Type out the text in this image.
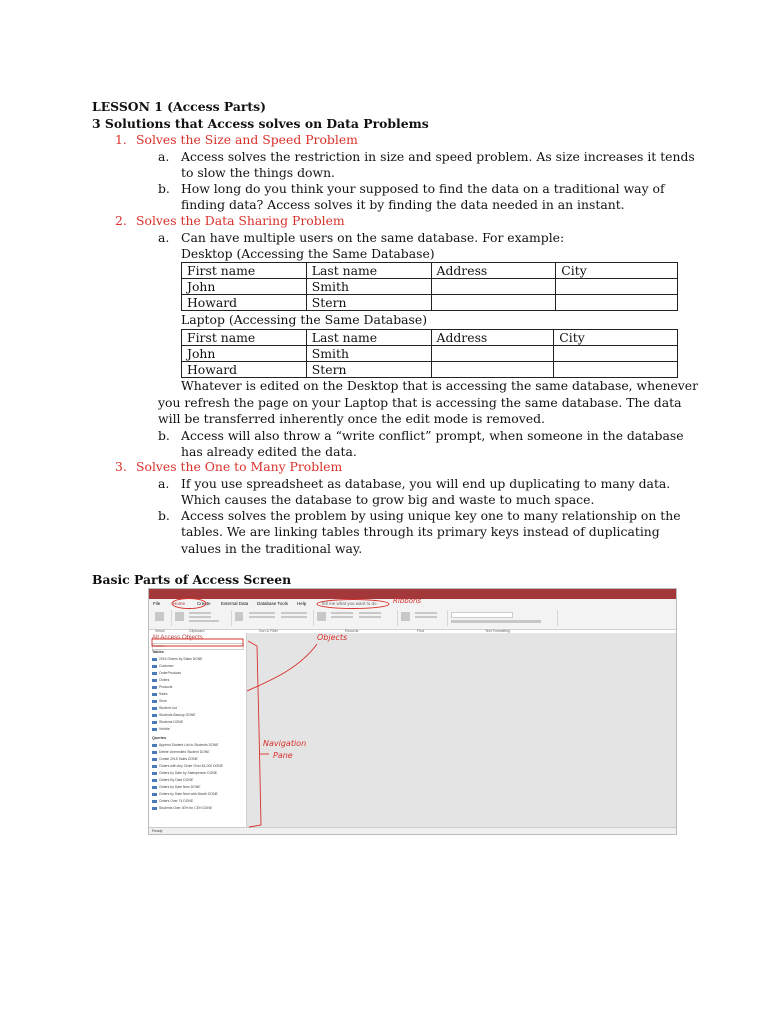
LESSON 1 (Access Parts)
3 Solutions that Access solves on Data Problems
1. Solves the Size and Speed Problem
a. Access solves the restriction in size and speed problem. As size increases it tends
to slow the things down.
b. How long do you think your supposed to find the data on a traditional way of
finding data? Access solves it by finding the data needed in an instant.
2. Solves the Data Sharing Problem
a. Can have multiple users on the same database. For example:
Desktop (Accessing the Same Database)
First name	Last name	Address	City
John	Smith		
Howard	Stern		
Laptop (Accessing the Same Database)
First name	Last name	Address	City
John	Smith		
Howard	Stern		
Whatever is edited on the Desktop that is accessing the same database, whenever
you refresh the page on your Laptop that is accessing the same database. The data
will be transferred inherently once the edit mode is removed.
b. Access will also throw a “write conflict” prompt, when someone in the database
has already edited the data.
3. Solves the One to Many Problem
a. If you use spreadsheet as database, you will end up duplicating to many data.
Which causes the database to grow big and waste to much space.
b. Access solves the problem by using unique key one to many relationship on the
tables. We are linking tables through its primary keys instead of duplicating
values in the traditional way.
Basic Parts of Access Screen
File	Home	Create External Data Database Tools Help	Tell me what you want to do
Views	Clipboard	Sort & Filter	Records	Find	Text Formatting
All Access Objects
Search...
Tables
2015 Orders by Sales DONE
Customer
OrderProducts
Orders
Products
Sales
Shoe
Student List
Students Backup DONE
Students DONE
Vehicle
Queries
Append Student List to Students DONE
Delete Unenrolled Student DONE
Create 2015 Sales DONE
Orders with Any Order Over $1,000 DONE
Orders by Date by Salesperson DONE
Orders By Date DONE
Orders by Date New DONE
Orders by Date New with Month DONE
Orders Over 74 DONE
Students Over 30% for CEH DONE
Ready
Ribbons
Objects
Navigation
Pane
